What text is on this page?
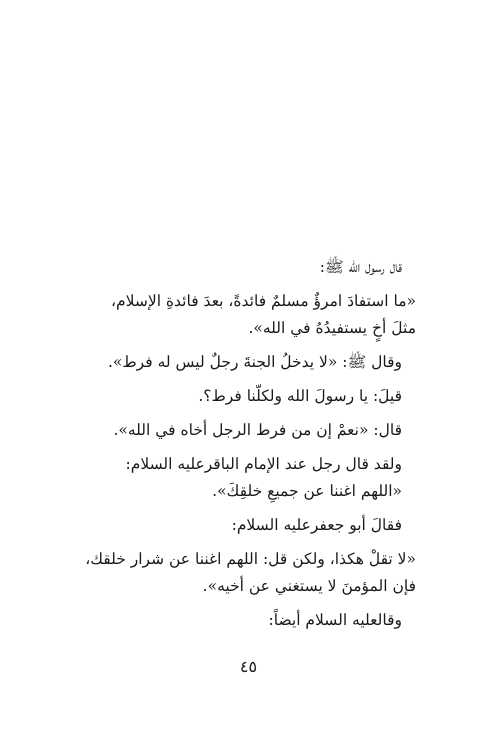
قال رسول الله ﷺ:

«ما استفادَ امرؤٌ مسلمٌ فائدةً، بعدَ فائدةِ الإسلام، مثلَ أخٍ يستفيدُهُ في الله».

وقال ﷺ: «لا يدخلُ الجنةَ رجلٌ ليس له فرط».

قيلَ: يا رسولَ الله ولكلّنا فرط؟.

قال: «نعمْ إن من فرط الرجل أخاه في الله».

ولقد قال رجل عند الإمام الباقرعليه السلام: «اللهم اغننا عن جميعِ خلقِكَ».

فقالَ أبو جعفرعليه السلام:

«لا تقلْ هكذا، ولكن قل: اللهم اغننا عن شرار خلقك، فإن المؤمنَ لا يستغني عن أخيه».

وقالعليه السلام أيضاً:

٤٥
